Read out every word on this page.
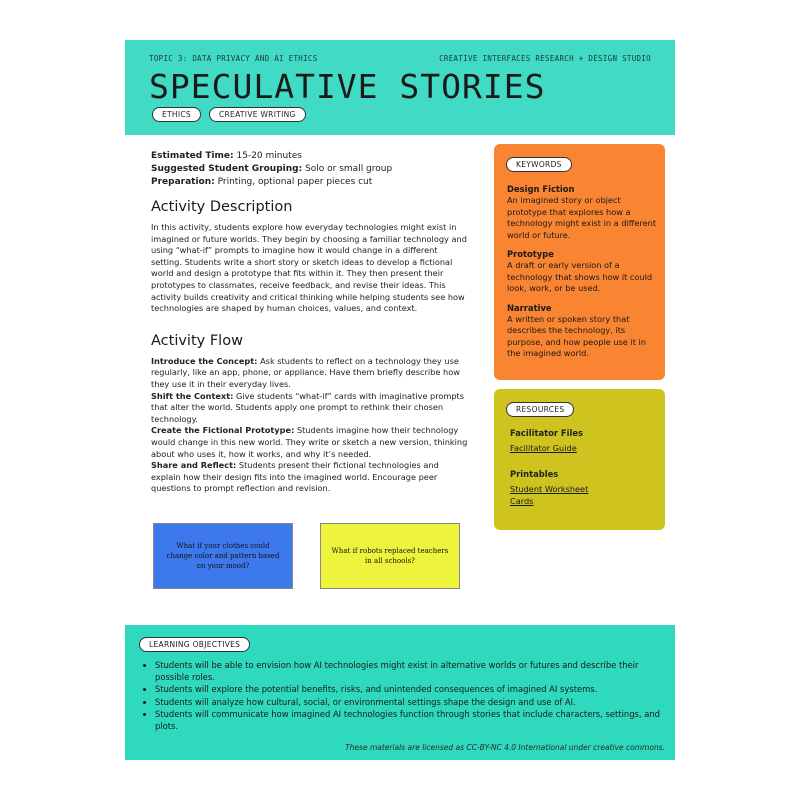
TOPIC 3: DATA PRIVACY AND AI ETHICS	CREATIVE INTERFACES RESEARCH + DESIGN STUDIO
SPECULATIVE STORIES
ETHICS	CREATIVE WRITING
Estimated Time: 15-20 minutes
Suggested Student Grouping: Solo or small group
Preparation: Printing, optional paper pieces cut
Activity Description

In this activity, students explore how everyday technologies might exist in imagined or future worlds. They begin by choosing a familiar technology and using “what-if” prompts to imagine how it would change in a different setting. Students write a short story or sketch ideas to develop a fictional world and design a prototype that fits within it. They then present their prototypes to classmates, receive feedback, and revise their ideas. This activity builds creativity and critical thinking while helping students see how technologies are shaped by human choices, values, and context.

Activity Flow
Introduce the Concept: Ask students to reflect on a technology they use regularly, like an app, phone, or appliance. Have them briefly describe how they use it in their everyday lives.
Shift the Context: Give students “what-if” cards with imaginative prompts that alter the world. Students apply one prompt to rethink their chosen technology.
Create the Fictional Prototype: Students imagine how their technology would change in this new world. They write or sketch a new version, thinking about who uses it, how it works, and why it’s needed.
Share and Reflect: Students present their fictional technologies and explain how their design fits into the imagined world. Encourage peer questions to prompt reflection and revision.
What if your clothes could change color and pattern based on your mood?
What if robots replaced teachers in all schools?
KEYWORDS
Design Fiction
An imagined story or object prototype that explores how a technology might exist in a different world or future.
Prototype
A draft or early version of a technology that shows how it could look, work, or be used.
Narrative
A written or spoken story that describes the technology, its purpose, and how people use it in the imagined world.
RESOURCES
Facilitator Files
Facilitator Guide
Printables
Student Worksheet
Cards
LEARNING OBJECTIVES
• Students will be able to envision how AI technologies might exist in alternative worlds or futures and describe their possible roles.
• Students will explore the potential benefits, risks, and unintended consequences of imagined AI systems.
• Students will analyze how cultural, social, or environmental settings shape the design and use of AI.
• Students will communicate how imagined AI technologies function through stories that include characters, settings, and plots.
These materials are licensed as CC-BY-NC 4.0 International under creative commons.
